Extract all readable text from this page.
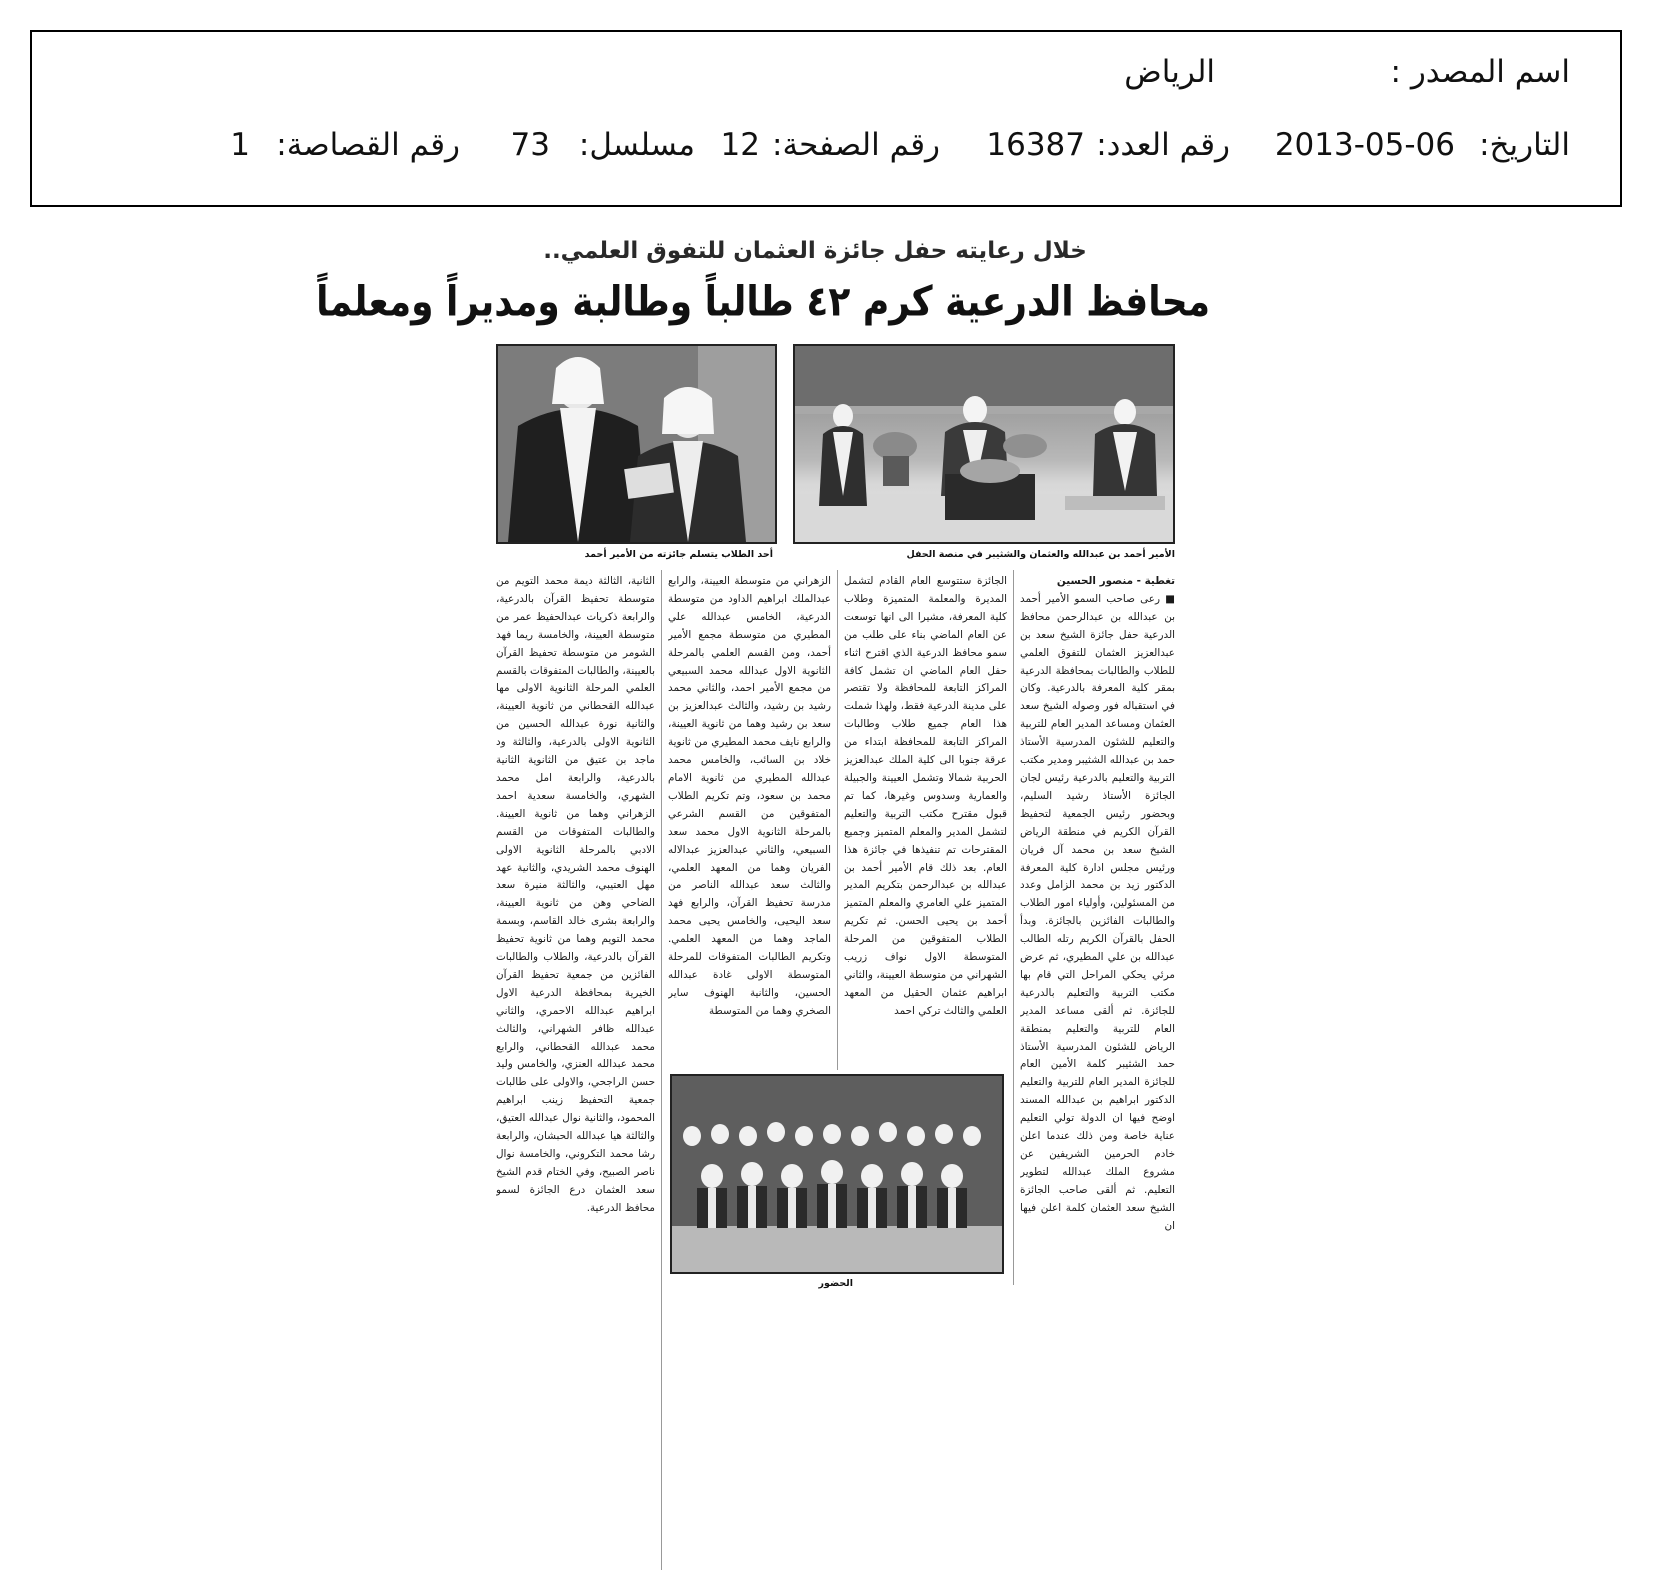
اسم المصدر :
الرياض
التاريخ:
2013-05-06
رقم العدد:
16387
رقم الصفحة:
12
مسلسل:
73
رقم القصاصة:
1
خلال رعايته حفل جائزة العثمان للتفوق العلمي..
محافظ الدرعية كرم ٤٢ طالباً وطالبة ومديراً ومعلماً
الأمير أحمد بن عبدالله والعثمان والشثيبر في منصة الحفل
أحد الطلاب يتسلم جائزته من الأمير أحمد

تغطية - منصور الحسين

■ رعى صاحب السمو الأمير أحمد بن عبدالله بن عبدالرحمن محافظ الدرعية حفل جائزة الشيخ سعد بن عبدالعزيز العثمان للتفوق العلمي للطلاب والطالبات بمحافظة الدرعية بمقر كلية المعرفة بالدرعية. وكان في استقباله فور وصوله الشيخ سعد العثمان ومساعد المدير العام للتربية والتعليم للشئون المدرسية الأستاذ حمد بن عبدالله الشثيبر ومدير مكتب التربية والتعليم بالدرعية رئيس لجان الجائزة الأستاذ رشيد السليم، وبحضور رئيس الجمعية لتحفيظ القرآن الكريم في منطقة الرياض الشيخ سعد بن محمد آل فريان ورئيس مجلس ادارة كلية المعرفة الدكتور زيد بن محمد الزامل وعدد من المسئولين، وأولياء امور الطلاب والطالبات الفائزين بالجائزة. وبدأ الحفل بالقرآن الكريم رتله الطالب عبدالله بن علي المطيري، ثم عرض مرئي يحكي المراحل التي قام بها مكتب التربية والتعليم بالدرعية للجائزة. ثم ألقى مساعد المدير العام للتربية والتعليم بمنطقة الرياض للشئون المدرسية الأستاذ حمد الشثيبر كلمة الأمين العام للجائزة المدير العام للتربية والتعليم الدكتور ابراهيم بن عبدالله المسند اوضح فيها ان الدولة تولي التعليم عناية خاصة ومن ذلك عندما اعلن خادم الحرمين الشريفين عن مشروع الملك عبدالله لتطوير التعليم. ثم ألقى صاحب الجائزة الشيخ سعد العثمان كلمة اعلن فيها ان

الجائزة ستتوسع العام القادم لتشمل المديرة والمعلمة المتميزة وطلاب كلية المعرفة، مشيرا الى انها توسعت عن العام الماضي بناء على طلب من سمو محافظ الدرعية الذي اقترح اثناء حفل العام الماضي ان تشمل كافة المراكز التابعة للمحافظة ولا تقتصر على مدينة الدرعية فقط، ولهذا شملت هذا العام جميع طلاب وطالبات المراكز التابعة للمحافظة ابتداء من عرقة جنوبا الى كلية الملك عبدالعزيز الحربية شمالا وتشمل العيينة والجبيلة والعمارية وسدوس وغيرها، كما تم قبول مقترح مكتب التربية والتعليم لتشمل المدير والمعلم المتميز وجميع المقترحات تم تنفيذها في جائزة هذا العام. بعد ذلك قام الأمير أحمد بن عبدالله بن عبدالرحمن بتكريم المدير المتميز علي العامري والمعلم المتميز أحمد بن يحيى الحسن. ثم تكريم الطلاب المتفوقين من المرحلة المتوسطة الاول نواف زريب الشهراني من متوسطة العيينة، والثاني ابراهيم عثمان الحقيل من المعهد العلمي والثالث تركي احمد

الزهراني من متوسطة العيينة، والرابع عبدالملك ابراهيم الداود من متوسطة الدرعية، الخامس عبدالله علي المطيري من متوسطة مجمع الأمير أحمد، ومن القسم العلمي بالمرحلة الثانوية الاول عبدالله محمد السبيعي من مجمع الأمير احمد، والثاني محمد رشيد بن رشيد، والثالث عبدالعزيز بن سعد بن رشيد وهما من ثانوية العيينة، والرابع نايف محمد المطيري من ثانوية خلاد بن السائب، والخامس محمد عبدالله المطيري من ثانوية الامام محمد بن سعود، وتم تكريم الطلاب المتفوقين من القسم الشرعي بالمرحلة الثانوية الاول محمد سعد السبيعي، والثاني عبدالعزيز عبدالاله الفريان وهما من المعهد العلمي، والثالث سعد عبدالله الناصر من مدرسة تحفيظ القرآن، والرابع فهد سعد اليحيى، والخامس يحيى محمد الماجد وهما من المعهد العلمي. وتكريم الطالبات المتفوقات للمرحلة المتوسطة الاولى غادة عبدالله الحسين، والثانية الهنوف ساير الصخري وهما من المتوسطة

الثانية، الثالثة ديمة محمد التويم من متوسطة تحفيظ القرآن بالدرعية، والرابعة ذكريات عبدالحفيظ عمر من متوسطة العيينة، والخامسة ريما فهد الشومر من متوسطة تحفيظ القرآن بالعيينة، والطالبات المتفوقات بالقسم العلمي المرحلة الثانوية الاولى مها عبدالله القحطاني من ثانوية العيينة، والثانية نورة عبدالله الحسين من الثانوية الاولى بالدرعية، والثالثة ود ماجد بن عتيق من الثانوية الثانية بالدرعية، والرابعة امل محمد الشهري، والخامسة سعدية احمد الزهراني وهما من ثانوية العيينة. والطالبات المتفوقات من القسم الادبي بالمرحلة الثانوية الاولى الهنوف محمد الشريدي، والثانية عهد مهل العتيبي، والثالثة منيرة سعد الضاحي وهن من ثانوية العيينة، والرابعة بشرى خالد القاسم، وبسمة محمد التويم وهما من ثانوية تحفيظ القرآن بالدرعية، والطلاب والطالبات الفائزين من جمعية تحفيظ القرآن الخيرية بمحافظة الدرعية الاول ابراهيم عبدالله الاحمري، والثاني عبدالله ظافر الشهراني، والثالث محمد عبدالله القحطاني، والرابع محمد عبدالله العنزي، والخامس وليد حسن الراجحي، والاولى على طالبات جمعية التحفيظ زينب ابراهيم المحمود، والثانية نوال عبدالله العتيق، والثالثة هيا عبدالله الحبشان، والرابعة رشا محمد التكروني، والخامسة نوال ناصر الصبيح، وفي الختام قدم الشيخ سعد العثمان درع الجائزة لسمو محافظ الدرعية.

الحضور
